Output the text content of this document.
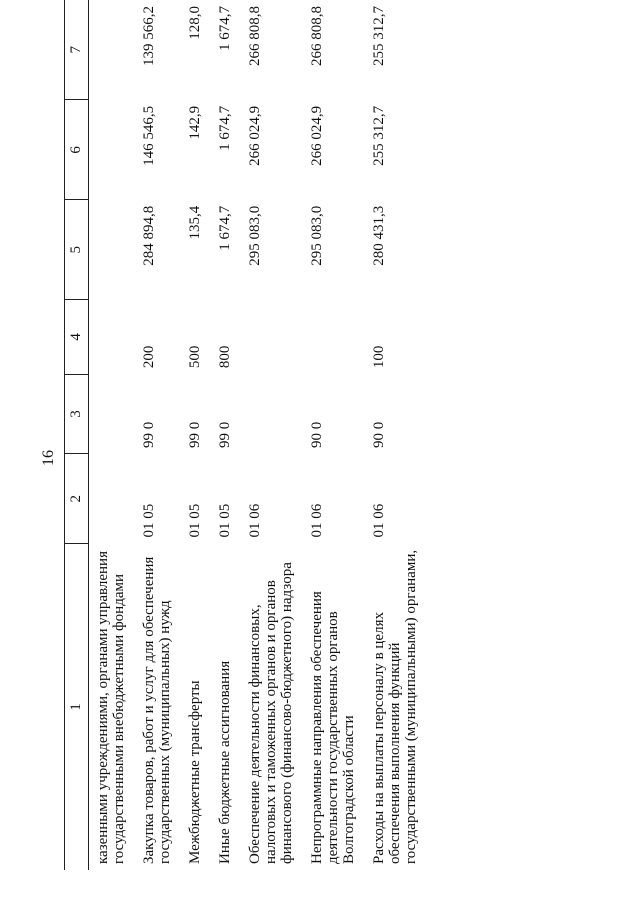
16
1	2	3	4	5	6	7
казенными учреждениями, органами управления государственными внебюджетными фондами						
Закупка товаров, работ и услуг для обеспечения государственных (муниципальных) нужд	01 05	99 0	200	284 894,8	146 546,5	139 566,2
Межбюджетные трансферты	01 05	99 0	500	135,4	142,9	128,0
Иные бюджетные ассигнования	01 05	99 0	800	1 674,7	1 674,7	1 674,7
Обеспечение деятельности финансовых, налоговых и таможенных органов и органов финансового (финансово-бюджетного) надзора	01 06			295 083,0	266 024,9	266 808,8
Непрограммные направления обеспечения деятельности государственных органов Волгоградской области	01 06	90 0		295 083,0	266 024,9	266 808,8
Расходы на выплаты персоналу в целях обеспечения выполнения функций государственными (муниципальными) органами,	01 06	90 0	100	280 431,3	255 312,7	255 312,7
